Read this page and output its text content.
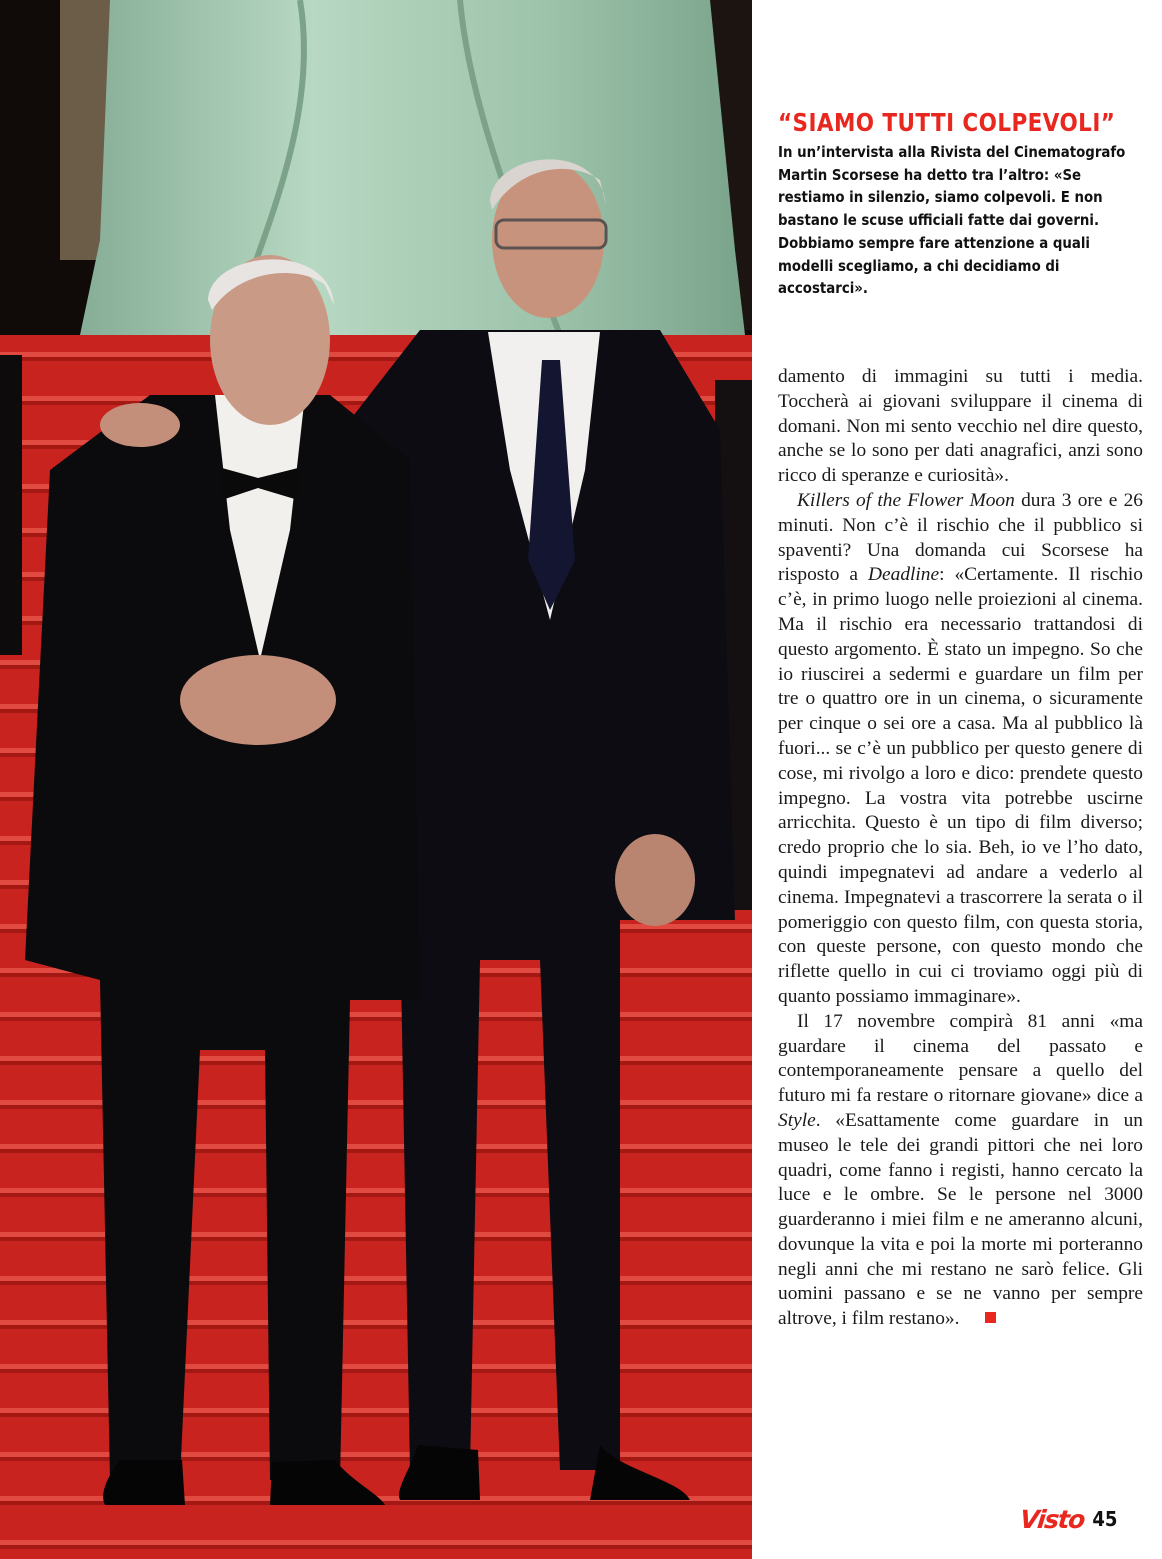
“SIAMO TUTTI COLPEVOLI”

In un’intervista alla Rivista del Cinematografo Martin Scorsese ha detto tra l’altro: «Se restiamo in silenzio, siamo colpevoli. E non bastano le scuse ufficiali fatte dai governi. Dobbiamo sempre fare attenzione a quali modelli scegliamo, a chi decidiamo di accostarci».

damento di immagini su tutti i media. Toccherà ai giovani sviluppare il cinema di domani. Non mi sento vecchio nel dire questo, anche se lo sono per dati anagrafici, anzi sono ricco di speranze e curiosità».

Killers of the Flower Moon dura 3 ore e 26 minuti. Non c’è il rischio che il pubblico si spaventi? Una domanda cui Scorsese ha risposto a Deadline: «Certamente. Il rischio c’è, in primo luogo nelle proiezioni al cinema. Ma il rischio era necessario trattandosi di questo argomento. È stato un impegno. So che io riuscirei a sedermi e guardare un film per tre o quattro ore in un cinema, o sicuramente per cinque o sei ore a casa. Ma al pubblico là fuori... se c’è un pubblico per questo genere di cose, mi rivolgo a loro e dico: prendete questo impegno. La vostra vita potrebbe uscirne arricchita. Questo è un tipo di film diverso; credo proprio che lo sia. Beh, io ve l’ho dato, quindi impegnatevi ad andare a vederlo al cinema. Impegnatevi a trascorrere la serata o il pomeriggio con questo film, con questa storia, con queste persone, con questo mondo che riflette quello in cui ci troviamo oggi più di quanto possiamo immaginare».

Il 17 novembre compirà 81 anni «ma guardare il cinema del passato e contemporaneamente pensare a quello del futuro mi fa restare o ritornare giovane» dice a Style. «Esattamente come guardare in un museo le tele dei grandi pittori che nei loro quadri, come fanno i registi, hanno cercato la luce e le ombre. Se le persone nel 3000 guarderanno i miei film e ne ameranno alcuni, dovunque la vita e poi la morte mi porteranno negli anni che mi restano ne sarò felice. Gli uomini passano e se ne vanno per sempre altrove, i film restano».

Visto 45
